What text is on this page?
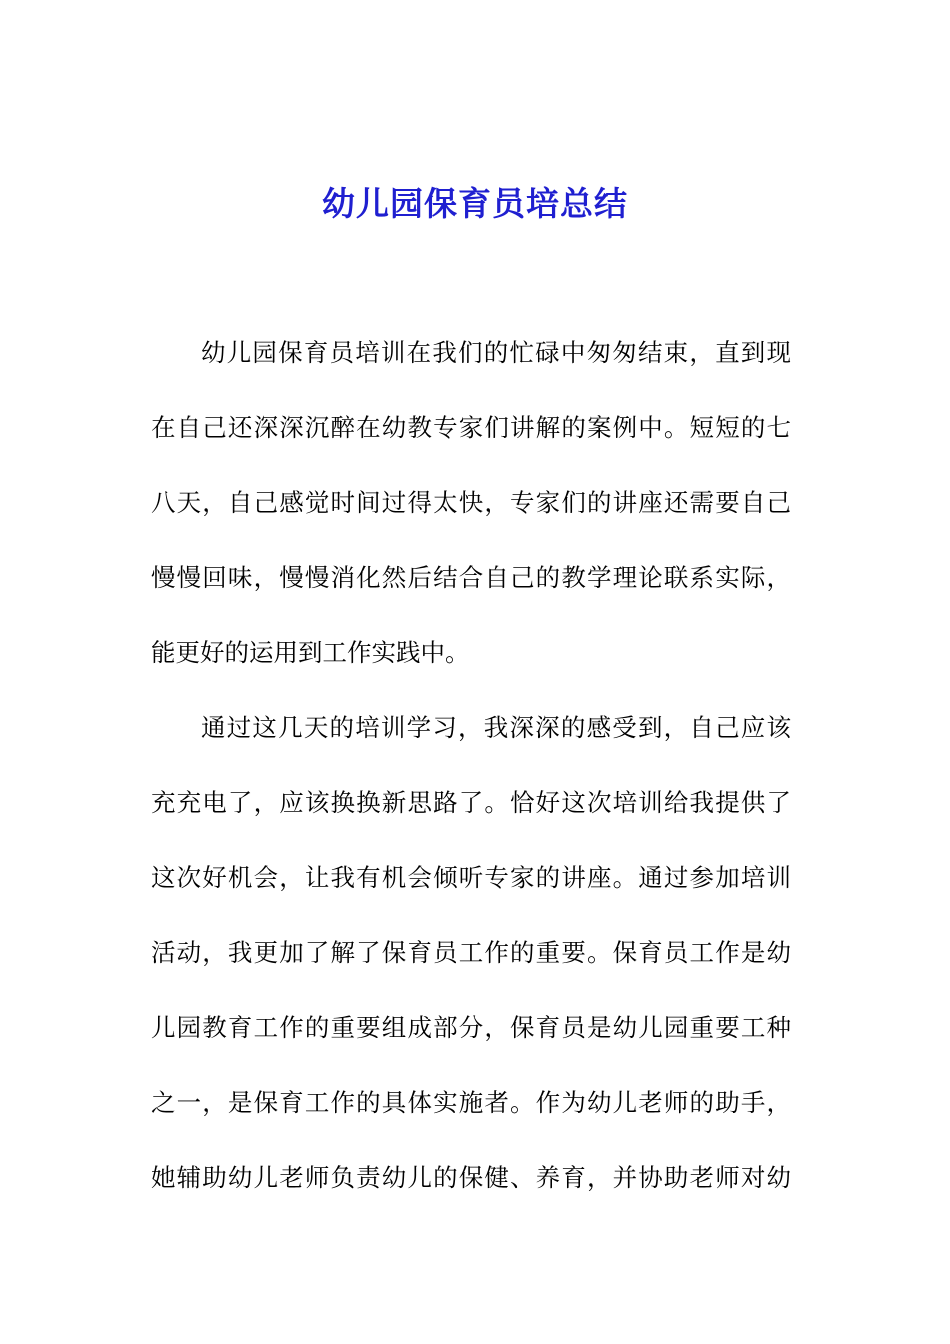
幼儿园保育员培总结
幼儿园保育员培训在我们的忙碌中匆匆结束，直到现
在自己还深深沉醉在幼教专家们讲解的案例中。短短的七
八天，自己感觉时间过得太快，专家们的讲座还需要自己
慢慢回味，慢慢消化然后结合自己的教学理论联系实际，
能更好的运用到工作实践中。
通过这几天的培训学习，我深深的感受到，自己应该
充充电了，应该换换新思路了。恰好这次培训给我提供了
这次好机会，让我有机会倾听专家的讲座。通过参加培训
活动，我更加了解了保育员工作的重要。保育员工作是幼
儿园教育工作的重要组成部分，保育员是幼儿园重要工种
之一，是保育工作的具体实施者。作为幼儿老师的助手，
她辅助幼儿老师负责幼儿的保健、养育，并协助老师对幼
